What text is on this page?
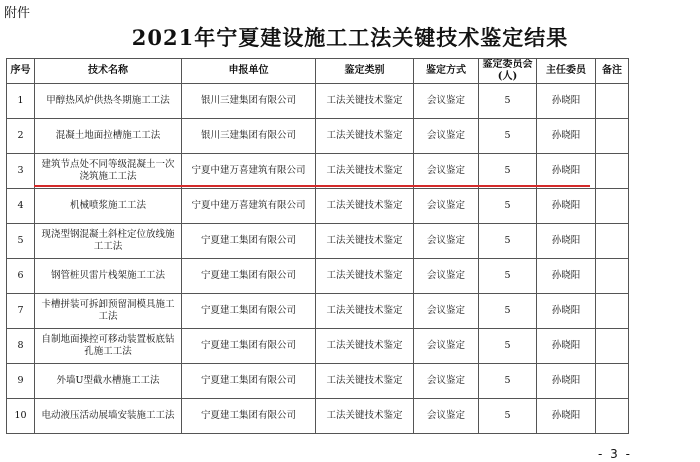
附件
2021年宁夏建设施工工法关键技术鉴定结果
序号	技术名称	申报单位	鉴定类别	鉴定方式	鉴定委员会(人)	主任委员	备注
1	甲醇热风炉供热冬期施工工法	银川三建集团有限公司	工法关键技术鉴定	会议鉴定	5	孙晓阳	
2	混凝土地面拉槽施工工法	银川三建集团有限公司	工法关键技术鉴定	会议鉴定	5	孙晓阳	
3	建筑节点处不同等级混凝土一次浇筑施工工法	宁夏中建万喜建筑有限公司	工法关键技术鉴定	会议鉴定	5	孙晓阳	
4	机械喷浆施工工法	宁夏中建万喜建筑有限公司	工法关键技术鉴定	会议鉴定	5	孙晓阳	
5	现浇型钢混凝土斜柱定位放线施工工法	宁夏建工集团有限公司	工法关键技术鉴定	会议鉴定	5	孙晓阳	
6	钢管桩贝雷片栈架施工工法	宁夏建工集团有限公司	工法关键技术鉴定	会议鉴定	5	孙晓阳	
7	卡槽拼装可拆卸预留洞模具施工工法	宁夏建工集团有限公司	工法关键技术鉴定	会议鉴定	5	孙晓阳	
8	自制地面操控可移动装置板底钻孔施工工法	宁夏建工集团有限公司	工法关键技术鉴定	会议鉴定	5	孙晓阳	
9	外墙U型截水槽施工工法	宁夏建工集团有限公司	工法关键技术鉴定	会议鉴定	5	孙晓阳	
10	电动液压活动展墙安装施工工法	宁夏建工集团有限公司	工法关键技术鉴定	会议鉴定	5	孙晓阳	
- 3 -
